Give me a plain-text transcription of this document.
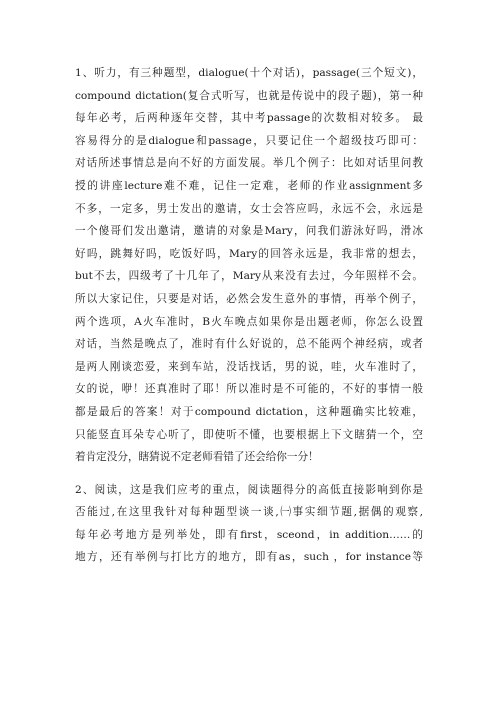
1、听力，有三种题型，dialogue(十个对话)，passage(三个短文)，
compound dictation(复合式听写，也就是传说中的段子题)，第一种
每年必考，后两种逐年交替，其中考passage的次数相对较多。 最
容易得分的是dialogue和passage，只要记住一个超级技巧即可：
对话所述事情总是向不好的方面发展。举几个例子：比如对话里问教
授的讲座lecture难不难，记住一定难，老师的作业assignment多
不多，一定多，男士发出的邀请，女士会答应吗，永远不会，永远是
一个傻哥们发出邀请，邀请的对象是Mary，问我们游泳好吗，滑冰
好吗，跳舞好吗，吃饭好吗，Mary的回答永远是，我非常的想去，
but不去，四级考了十几年了，Mary从来没有去过，今年照样不会。
所以大家记住，只要是对话，必然会发生意外的事情，再举个例子，
两个选项，A火车准时，B火车晚点如果你是出题老师，你怎么设置
对话，当然是晚点了，准时有什么好说的，总不能两个神经病，或者
是两人刚谈恋爱，来到车站，没话找话，男的说，哇，火车准时了，
女的说，咿！还真准时了耶！所以准时是不可能的，不好的事情一般
都是最后的答案！对于compound dictation，这种题确实比较难，
只能竖直耳朵专心听了，即使听不懂，也要根据上下文瞎猜一个，空
着肯定没分，瞎猜说不定老师看错了还会给你一分！
2、阅读，这是我们应考的重点，阅读题得分的高低直接影响到你是
否能过,在这里我针对每种题型谈一谈,㈠事实细节题,据偶的观察,
每年必考地方是列举处，即有first，sceond，in addition……的
地方，还有举例与打比方的地方，即有as，such ，for instance等
